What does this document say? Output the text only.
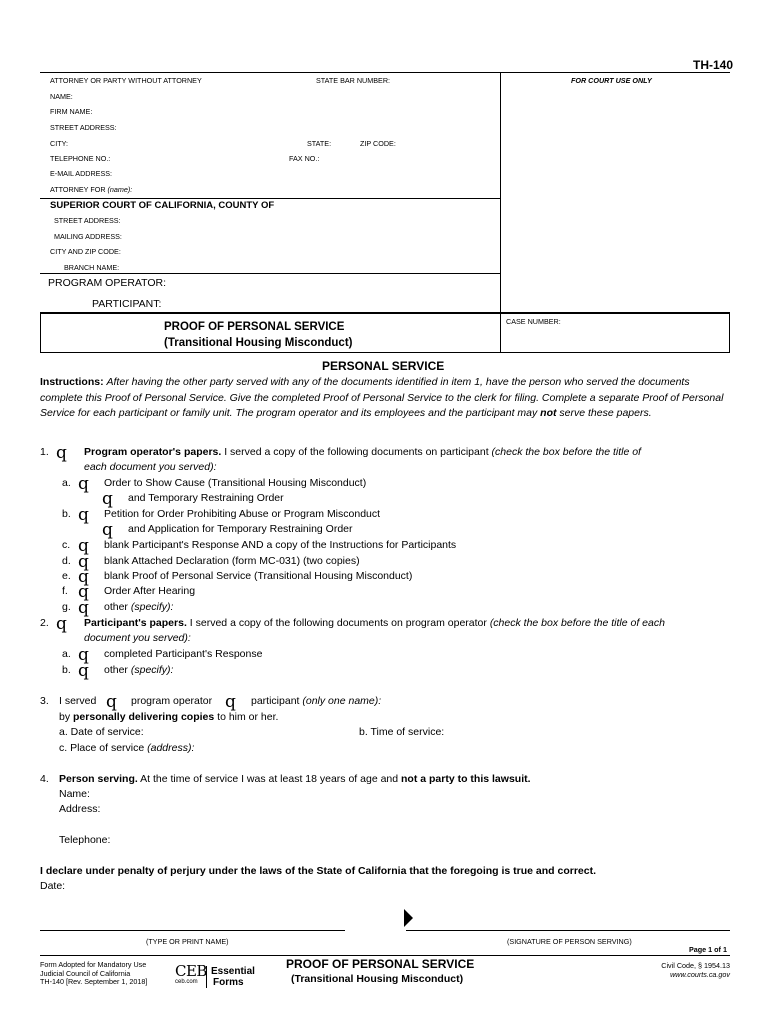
TH-140
ATTORNEY OR PARTY WITHOUT ATTORNEY	STATE BAR NUMBER:	FOR COURT USE ONLY
NAME:
FIRM NAME:
STREET ADDRESS:
CITY:	STATE:	ZIP CODE:
TELEPHONE NO.:	FAX NO.:
E-MAIL ADDRESS:
ATTORNEY FOR (name):
SUPERIOR COURT OF CALIFORNIA, COUNTY OF
STREET ADDRESS:
MAILING ADDRESS:
CITY AND ZIP CODE:
BRANCH NAME:
PROGRAM OPERATOR:
PARTICIPANT:
PROOF OF PERSONAL SERVICE
(Transitional Housing Misconduct)
CASE NUMBER:
PERSONAL SERVICE
Instructions: After having the other party served with any of the documents identified in item 1, have the person who served the documents complete this Proof of Personal Service. Give the completed Proof of Personal Service to the clerk for filing. Complete a separate Proof of Personal Service for each participant or family unit. The program operator and its employees and the participant may not serve these papers.
1. q Program operator's papers. I served a copy of the following documents on participant (check the box before the title of
each document you served):
a. q Order to Show Cause (Transitional Housing Misconduct)
q and Temporary Restraining Order
b. q Petition for Order Prohibiting Abuse or Program Misconduct
q and Application for Temporary Restraining Order
c. q blank Participant's Response AND a copy of the Instructions for Participants
d. q blank Attached Declaration (form MC-031) (two copies)
e. q blank Proof of Personal Service (Transitional Housing Misconduct)
f. q Order After Hearing
g. q other (specify):
2. q Participant's papers. I served a copy of the following documents on program operator (check the box before the title of each
document you served):
a. q completed Participant's Response
b. q other (specify):
3. I served q program operator q participant (only one name):
by personally delivering copies to him or her.
a. Date of service:	b. Time of service:
c. Place of service (address):
4. Person serving. At the time of service I was at least 18 years of age and not a party to this lawsuit.
Name:
Address:
Telephone:
I declare under penalty of perjury under the laws of the State of California that the foregoing is true and correct.
Date:
(TYPE OR PRINT NAME)	(SIGNATURE OF PERSON SERVING)
Page 1 of 1
Form Adopted for Mandatory Use
Judicial Council of California
TH-140 [Rev. September 1, 2018]
CEB
ceb.com
Essential
Forms
PROOF OF PERSONAL SERVICE
(Transitional Housing Misconduct)
Civil Code, § 1954.13
www.courts.ca.gov
